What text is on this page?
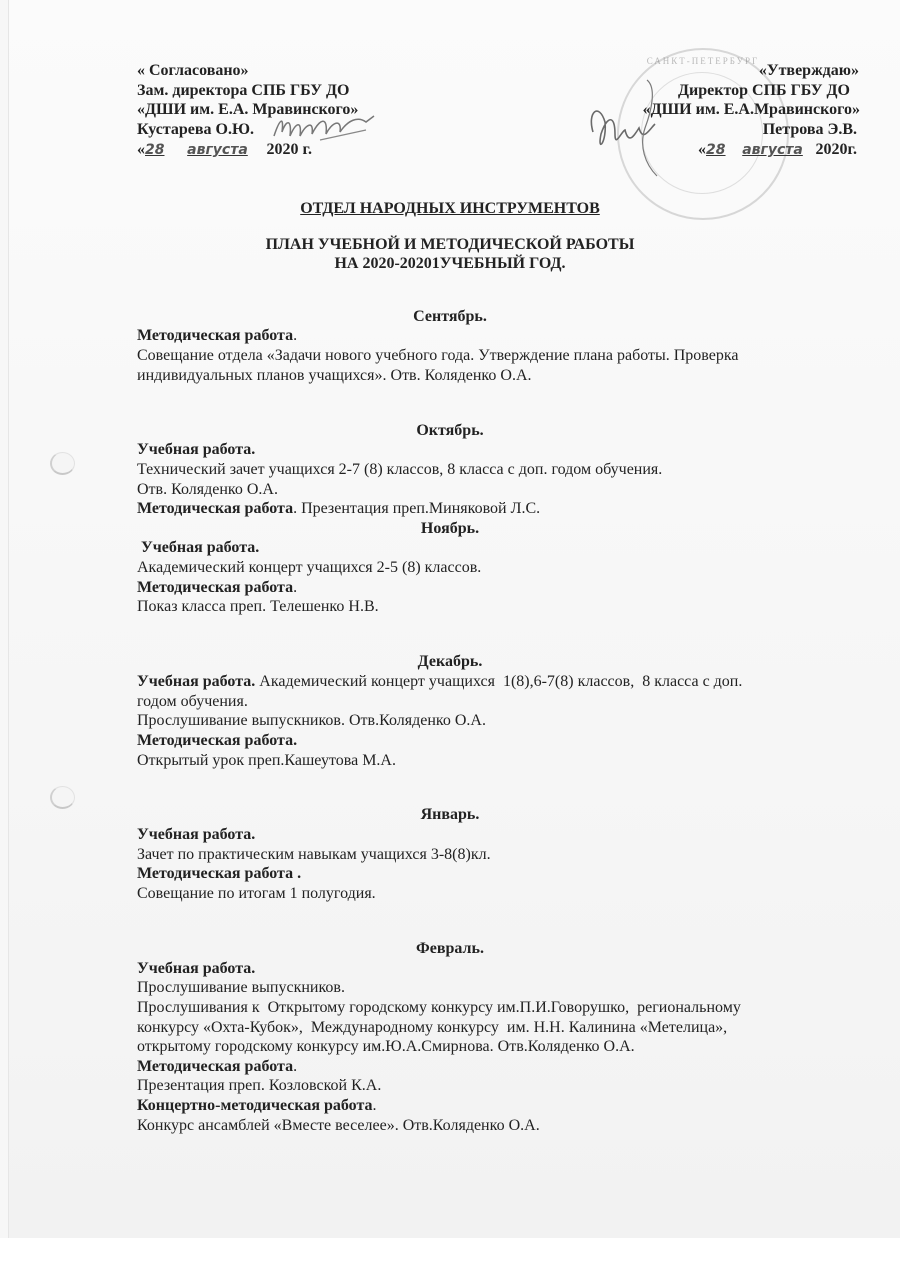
САНКТ-ПЕТЕРБУРГ
« Согласовано»
Зам. директора СПБ ГБУ ДО
«ДШИ им. Е.А. Мравинского»
Кустарева О.Ю.
«28 августа 2020 г.
«Утверждаю»
Директор СПБ ГБУ ДО
«ДШИ им. Е.А.Мравинского»
Петрова Э.В.
«28 августа 2020г.
ОТДЕЛ НАРОДНЫХ ИНСТРУМЕНТОВ
ПЛАН УЧЕБНОЙ И МЕТОДИЧЕСКОЙ РАБОТЫ
НА 2020-20201УЧЕБНЫЙ ГОД.
Сентябрь.
Методическая работа.
Совещание отдела «Задачи нового учебного года. Утверждение плана работы. Проверка
индивидуальных планов учащихся». Отв. Коляденко О.А.
Октябрь.
Учебная работа.
Технический зачет учащихся 2-7 (8) классов, 8 класса с доп. годом обучения.
Отв. Коляденко О.А.
Методическая работа. Презентация преп.Миняковой Л.С.
Ноябрь.
Учебная работа.
Академический концерт учащихся 2-5 (8) классов.
Методическая работа.
Показ класса преп. Телешенко Н.В.
Декабрь.
Учебная работа. Академический концерт учащихся  1(8),6-7(8) классов,  8 класса с доп.
годом обучения.
Прослушивание выпускников. Отв.Коляденко О.А.
Методическая работа.
Открытый урок преп.Кашеутова М.А.
Январь.
Учебная работа.
Зачет по практическим навыкам учащихся 3-8(8)кл.
Методическая работа .
Совещание по итогам 1 полугодия.
Февраль.
Учебная работа.
Прослушивание выпускников.
Прослушивания к  Открытому городскому конкурсу им.П.И.Говорушко,  региональному
конкурсу «Охта-Кубок»,  Международному конкурсу  им. Н.Н. Калинина «Метелица»,
открытому городскому конкурсу им.Ю.А.Смирнова. Отв.Коляденко О.А.
Методическая работа.
Презентация преп. Козловской К.А.
Концертно-методическая работа.
Конкурс ансамблей «Вместе веселее». Отв.Коляденко О.А.
